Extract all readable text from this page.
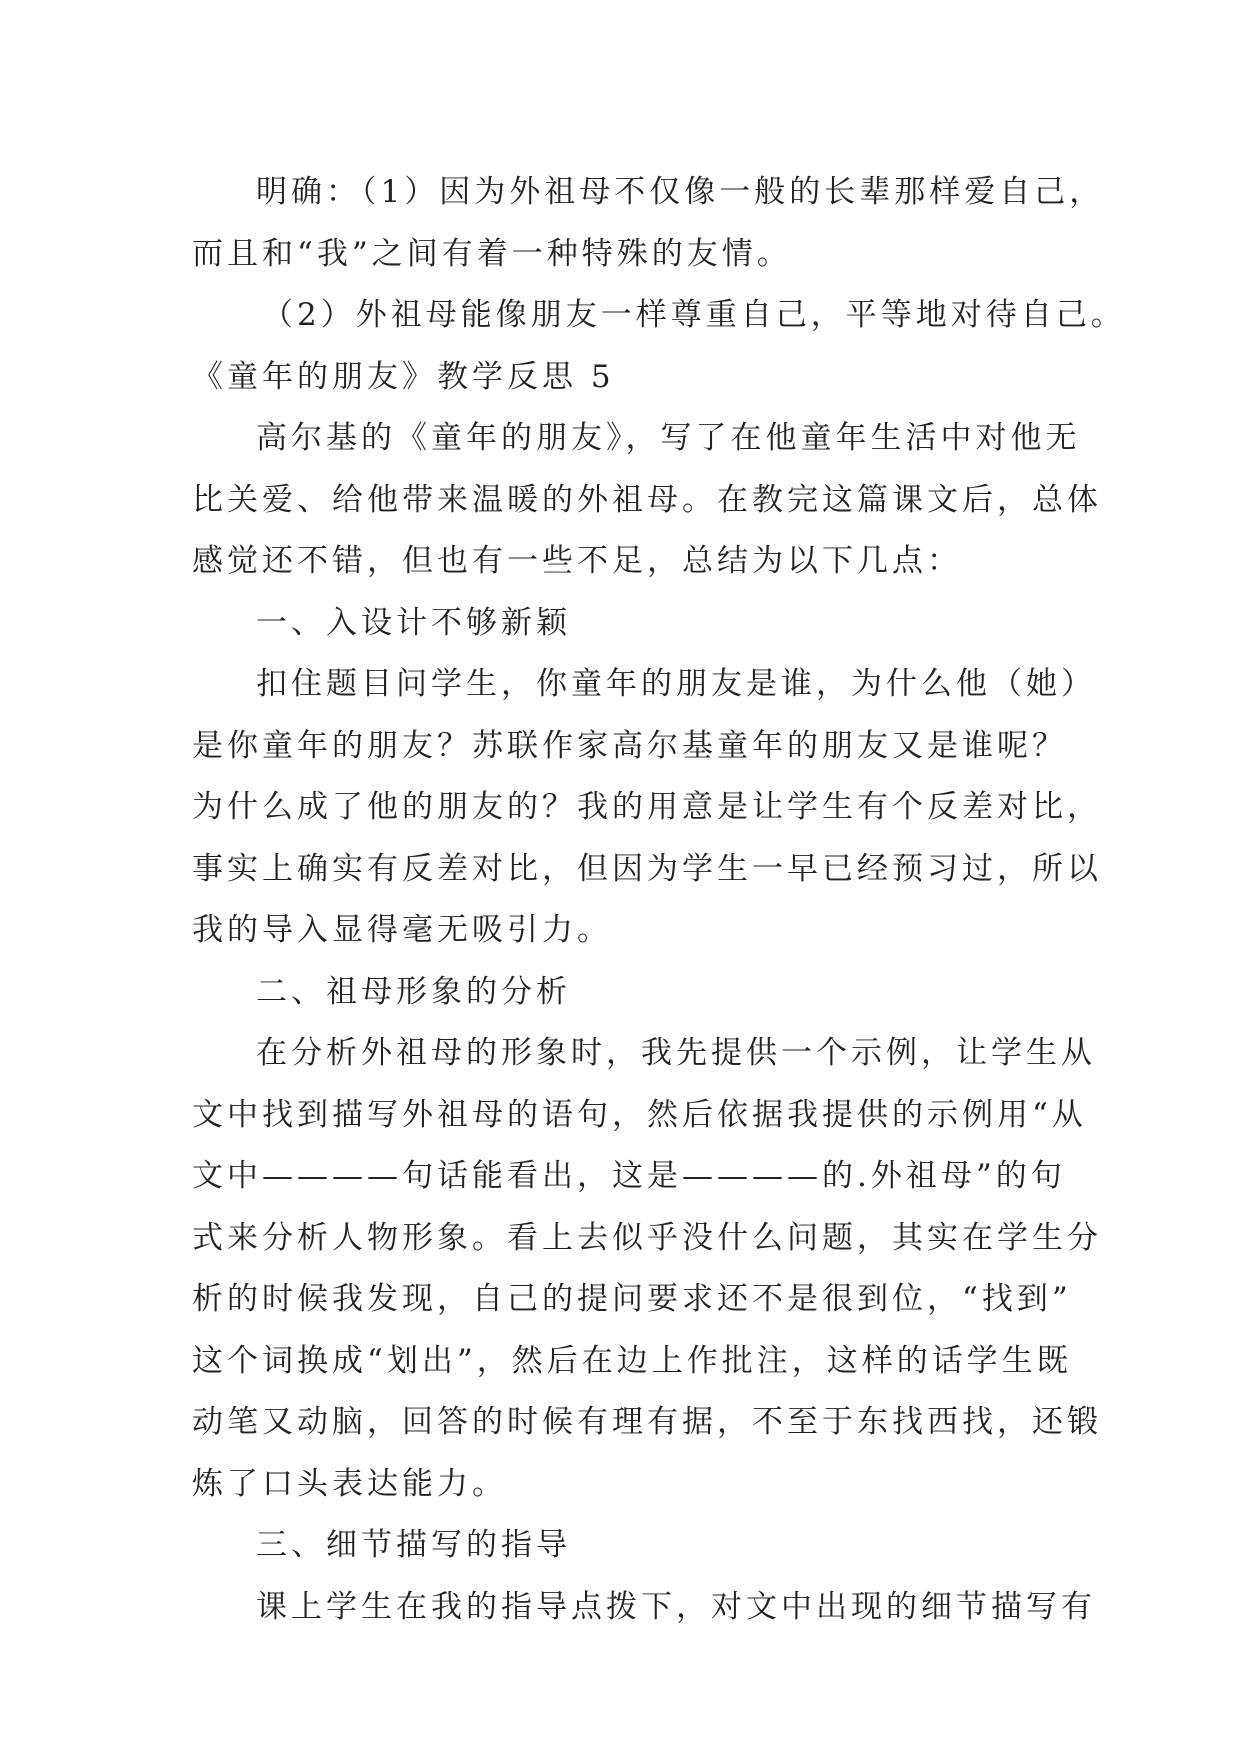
明确：（1）因为外祖母不仅像一般的长辈那样爱自己，
而且和“我”之间有着一种特殊的友情。
（2）外祖母能像朋友一样尊重自己，平等地对待自己。
《童年的朋友》教学反思 5
高尔基的《童年的朋友》，写了在他童年生活中对他无
比关爱、给他带来温暖的外祖母。在教完这篇课文后，总体
感觉还不错，但也有一些不足，总结为以下几点：
一、入设计不够新颖
扣住题目问学生，你童年的朋友是谁，为什么他（她）
是你童年的朋友？苏联作家高尔基童年的朋友又是谁呢？
为什么成了他的朋友的？我的用意是让学生有个反差对比，
事实上确实有反差对比，但因为学生一早已经预习过，所以
我的导入显得毫无吸引力。
二、祖母形象的分析
在分析外祖母的形象时，我先提供一个示例，让学生从
文中找到描写外祖母的语句，然后依据我提供的示例用“从
文中————句话能看出，这是————的.外祖母”的句
式来分析人物形象。看上去似乎没什么问题，其实在学生分
析的时候我发现，自己的提问要求还不是很到位，“找到”
这个词换成“划出”，然后在边上作批注，这样的话学生既
动笔又动脑，回答的时候有理有据，不至于东找西找，还锻
炼了口头表达能力。
三、细节描写的指导
课上学生在我的指导点拨下，对文中出现的细节描写有
